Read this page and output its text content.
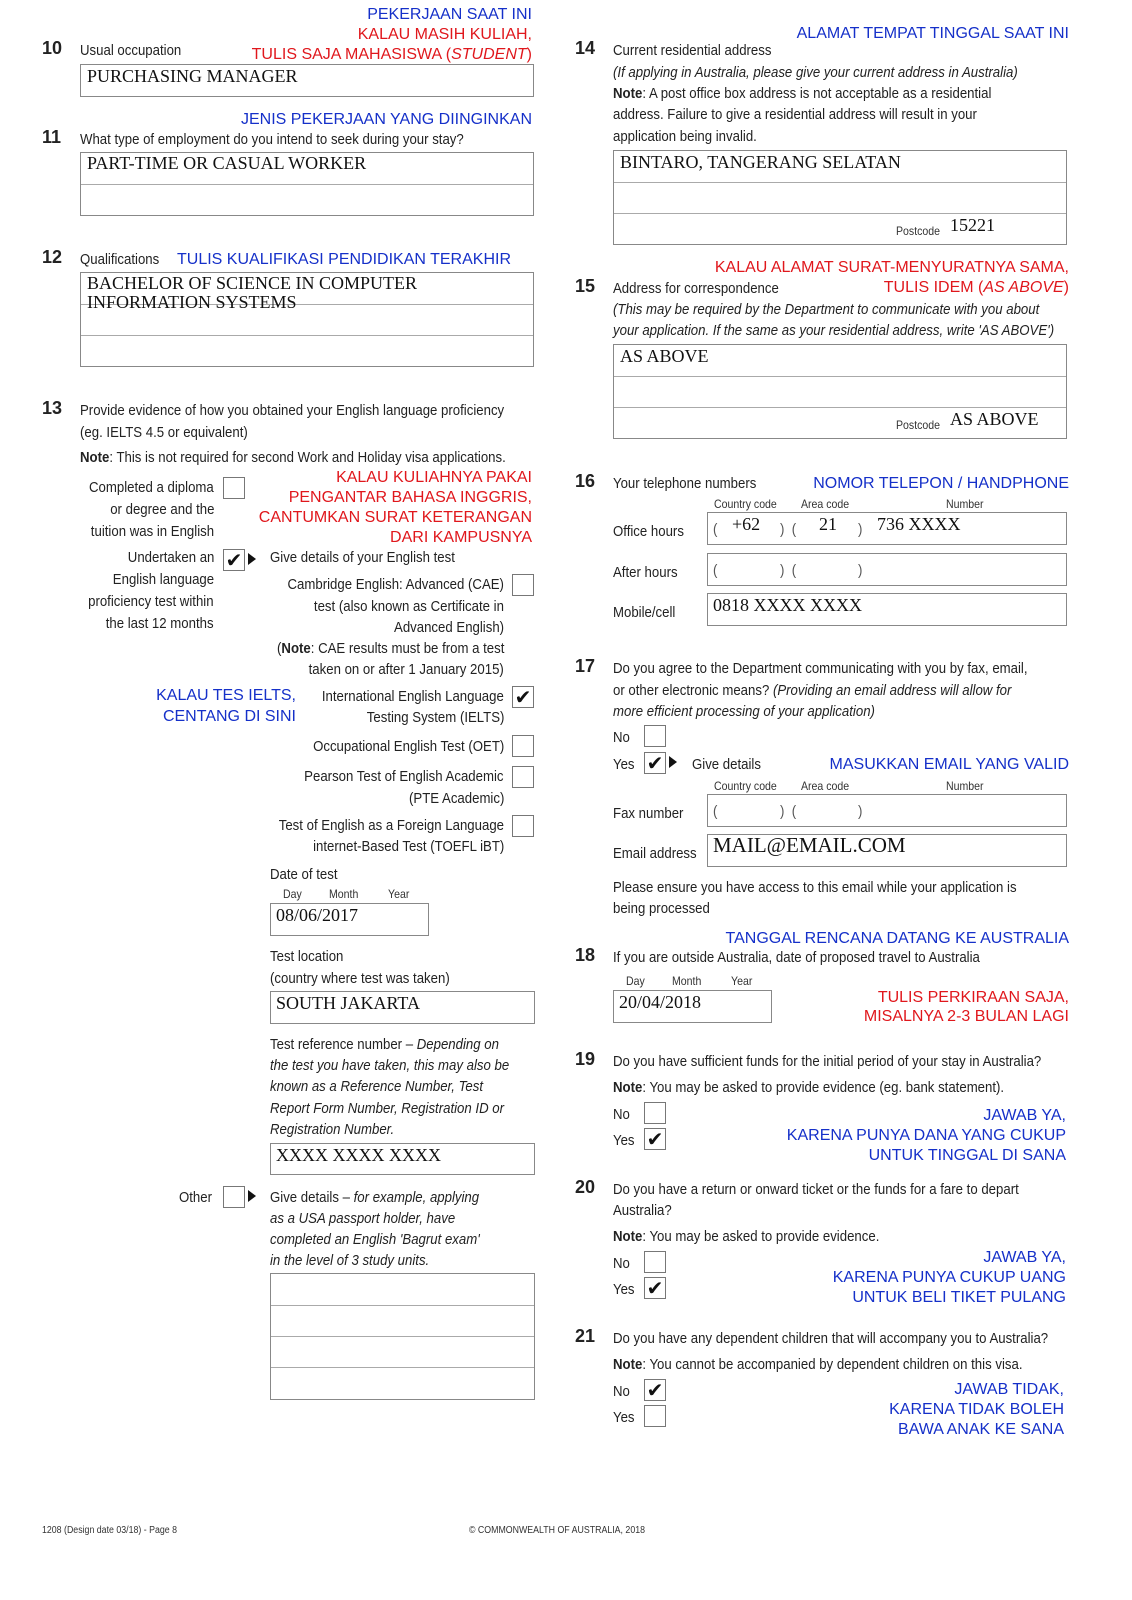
PEKERJAAN SAAT INI
KALAU MASIH KULIAH,
TULIS SAJA MAHASISWA (STUDENT)
10 Usual occupation
PURCHASING MANAGER
JENIS PEKERJAAN YANG DIINGINKAN
11 What type of employment do you intend to seek during your stay?
PART-TIME OR CASUAL WORKER
12 Qualifications TULIS KUALIFIKASI PENDIDIKAN TERAKHIR
BACHELOR OF SCIENCE IN COMPUTER
INFORMATION SYSTEMS
13 Provide evidence of how you obtained your English language proficiency
(eg. IELTS 4.5 or equivalent)
Note: This is not required for second Work and Holiday visa applications.
KALAU KULIAHNYA PAKAI
PENGANTAR BAHASA INGGRIS,
CANTUMKAN SURAT KETERANGAN
DARI KAMPUSNYA
Completed a diploma
or degree and the
tuition was in English
Undertaken an
English language
proficiency test within
the last 12 months
✔ Give details of your English test
Cambridge English: Advanced (CAE)
test (also known as Certificate in
Advanced English)
(Note: CAE results must be from a test
taken on or after 1 January 2015)
KALAU TES IELTS,
CENTANG DI SINI
International English Language
Testing System (IELTS)
✔
Occupational English Test (OET)
Pearson Test of English Academic
(PTE Academic)
Test of English as a Foreign Language
internet-Based Test (TOEFL iBT)
Date of test
Day Month Year
08/06/2017
Test location
(country where test was taken)
SOUTH JAKARTA
Test reference number – Depending on
the test you have taken, this may also be
known as a Reference Number, Test
Report Form Number, Registration ID or
Registration Number.
XXXX XXXX XXXX
Other	Give details – for example, applying
as a USA passport holder, have
completed an English 'Bagrut exam'
in the level of 3 study units.
ALAMAT TEMPAT TINGGAL SAAT INI
14 Current residential address
(If applying in Australia, please give your current address in Australia)
Note: A post office box address is not acceptable as a residential
address. Failure to give a residential address will result in your
application being invalid.
BINTARO, TANGERANG SELATAN
Postcode 15221
KALAU ALAMAT SURAT-MENYURATNYA SAMA,
TULIS IDEM (AS ABOVE)
15 Address for correspondence
(This may be required by the Department to communicate with you about
your application. If the same as your residential address, write 'AS ABOVE')
AS ABOVE
Postcode AS ABOVE
16 Your telephone numbers	NOMOR TELEPON / HANDPHONE
Country code Area code	Number
Office hours ( +62 )  ( 21 ) 736 XXXX
After hours (	)  (	)
Mobile/cell 0818 XXXX XXXX
17 Do you agree to the Department communicating with you by fax, email,
or other electronic means? (Providing an email address will allow for
more efficient processing of your application)
No
Yes ✔ Give details	MASUKKAN EMAIL YANG VALID
Country code Area code	Number
Fax number (	)  (	)
Email address MAIL@EMAIL.COM
Please ensure you have access to this email while your application is
being processed
TANGGAL RENCANA DATANG KE AUSTRALIA
18 If you are outside Australia, date of proposed travel to Australia
Day Month Year
20/04/2018	TULIS PERKIRAAN SAJA,
MISALNYA 2-3 BULAN LAGI
19 Do you have sufficient funds for the initial period of your stay in Australia?
Note: You may be asked to provide evidence (eg. bank statement).
No
Yes ✔
JAWAB YA,
KARENA PUNYA DANA YANG CUKUP
UNTUK TINGGAL DI SANA
20 Do you have a return or onward ticket or the funds for a fare to depart
Australia?
Note: You may be asked to provide evidence.
No
Yes ✔
JAWAB YA,
KARENA PUNYA CUKUP UANG
UNTUK BELI TIKET PULANG
21 Do you have any dependent children that will accompany you to Australia?
Note: You cannot be accompanied by dependent children on this visa.
No ✔
Yes
JAWAB TIDAK,
KARENA TIDAK BOLEH
BAWA ANAK KE SANA
1208 (Design date 03/18) - Page 8	© COMMONWEALTH OF AUSTRALIA, 2018
